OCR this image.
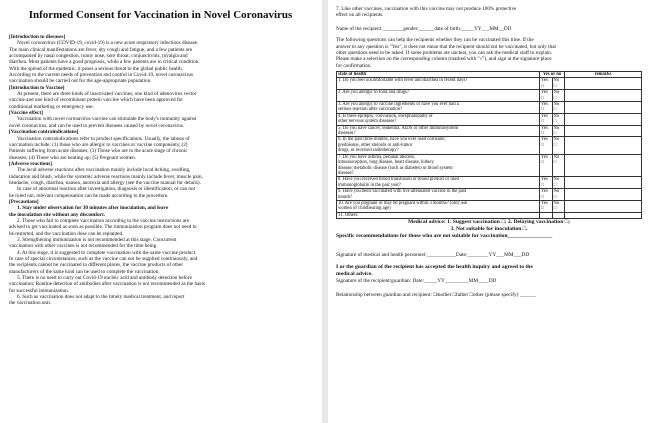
Informed Consent for Vaccination in Novel Coronavirus

[Introduction to diseases]

Novel coronavirus (COVID-19, covid-19) is a new acute respiratory infectious disease.

The main clinical manifestations are fever, dry cough and fatigue, and a few patients are

accompanied by nasal congestion, runny nose, sore throat, conjunctivitis, myalgia and

diarrhea. Most patients have a good prognosis, while a few patients are in critical condition.

With the spread of the epidemic, it poses a serious threat to the global public health.

According to the current needs of prevention and control in Covid-19, novel coronavirus

vaccination should be carried out for the age-appropriate population.

[Introduction to Vaccine]

At present, there are three kinds of inactivated vaccines, one kind of adenovirus vector

vaccine and one kind of recombinant protein vaccine which have been approved for

conditional marketing or emergency use.

[Vaccine effect]

Vaccination with novel coronavirus vaccine can stimulate the body's immunity against

novel coronavirus, and can be used to prevent diseases caused by novel coronavirus.

[Vaccination contraindications]

Vaccination contraindications refer to product specifications. Usually, the taboos of

vaccination include: (1) those who are allergic to vaccines or vaccine components; (2)

Patients suffering from acute diseases; (3) Those who are in the acute stage of chronic

diseases; (4) Those who are heating up; (5) Pregnant women.

[Adverse reactions]

The local adverse reactions after vaccination mainly include local itching, swelling,

induration and blush, while the systemic adverse reactions mainly include fever, muscle pain,

headache, cough, diarrhea, nausea, anorexia and allergy (see the vaccine manual for details).

In case of abnormal reaction after investigation, diagnosis or identification, or can not

be ruled out, relevant compensation can be made according to the procedure.

[Precautions]

1. Stay under observation for 30 minutes after inoculation, and leave

the inoculation site without any discomfort.

2. Those who fail to complete vaccination according to the vaccine instructions are

advised to get vaccinated as soon as possible. The immunization program does not need to

be restarted, and the vaccination dose can be replanted.

3. Strengthening immunization is not recommended at this stage. Concurrent

vaccination with other vaccines is not recommended for the time being.

4. At this stage, it is suggested to complete vaccination with the same vaccine product.

In case of special circumstances, such as the vaccine can not be supplied continuously, and

the recipients cannot be vaccinated in different places, the vaccine products of other

manufacturers of the same kind can be used to complete the vaccination.

5. There is no need to carry out Covid-19 nucleic acid and antibody detection before

vaccination; Routine detection of antibodies after vaccination is not recommended as the basis

for successful immunization.

6. Such as vaccination does not adapt to the timely medical treatment, and report

the vaccination unit.

7. Like other vaccines, vaccination with this vaccine may not produce 100% protective

effect on all recipients.

Name of the recipient:________gender:______date of birth:_____YY___MM__DD

The following questions can help the recipients whether they can be vaccinated this time. If the

answer to any question is "Yes", it does not mean that the recipient should not be vaccinated, but only that

other questions need to be asked. If some problems are unclear, you can ask the medical staff to explain.

Please make a selection on the corresponding column (marked with "√"), and sign at the signature place

for confirmation.

state of health	Yes or no		remarks

1. Do you feel uncomfortable with fever and diarrhea in recent days?	Yes □	No □	

2. Are you allergic to food and drugs?	Yes □	No □	

3. Are you allergic to vaccine ingredients or have you ever had a
serious reaction after vaccination?	Yes □	No □	

4. Is there epilepsy, convulsion, encephalopathy or
other nervous system diseases?	Yes □	No □	

5. Do you have cancer, leukemia, AIDS or other immunosystem
diseases?	Yes □	No □	

6. In the past three months, have you ever used cortisone,
prednisone, other steroids or anti-tumor
drugs, or received radiotherapy?	Yes □	No □	

7. Do you have asthma, perianal abscess,
intussusception, lung disease, heart disease, kidney
disease, metabolic disease (such as diabetes) or blood system
disease?	Yes □	No □	

8. Have you received blood transfusion or blood product or used
immunoglobulin in the past year?	Yes □	No □	

9. Have you been vaccinated with live attenuated vaccine in the past
month?	Yes □	No □	

10. Are you pregnant or may be pregnant within 3 months? (only ask
women of childbearing age)	Yes □	No □	

11. Others:			

Medical advice: 1. Suggest vaccination □; 2. Delaying vaccination □;

3. Not suitable for inoculation □.

Specific recommendations for those who are not suitable for vaccination________________

Signature of medical and health personnel:___________Date:________YY___MM___DD

I or the guardian of the recipient has accepted the health inquiry and agreed to the

medical advice.

Signature of the recipient/guardian: Date:_____YY_________MM____DD

Relationship between guardian and recipient: □mother □father □other (please specify) ______
